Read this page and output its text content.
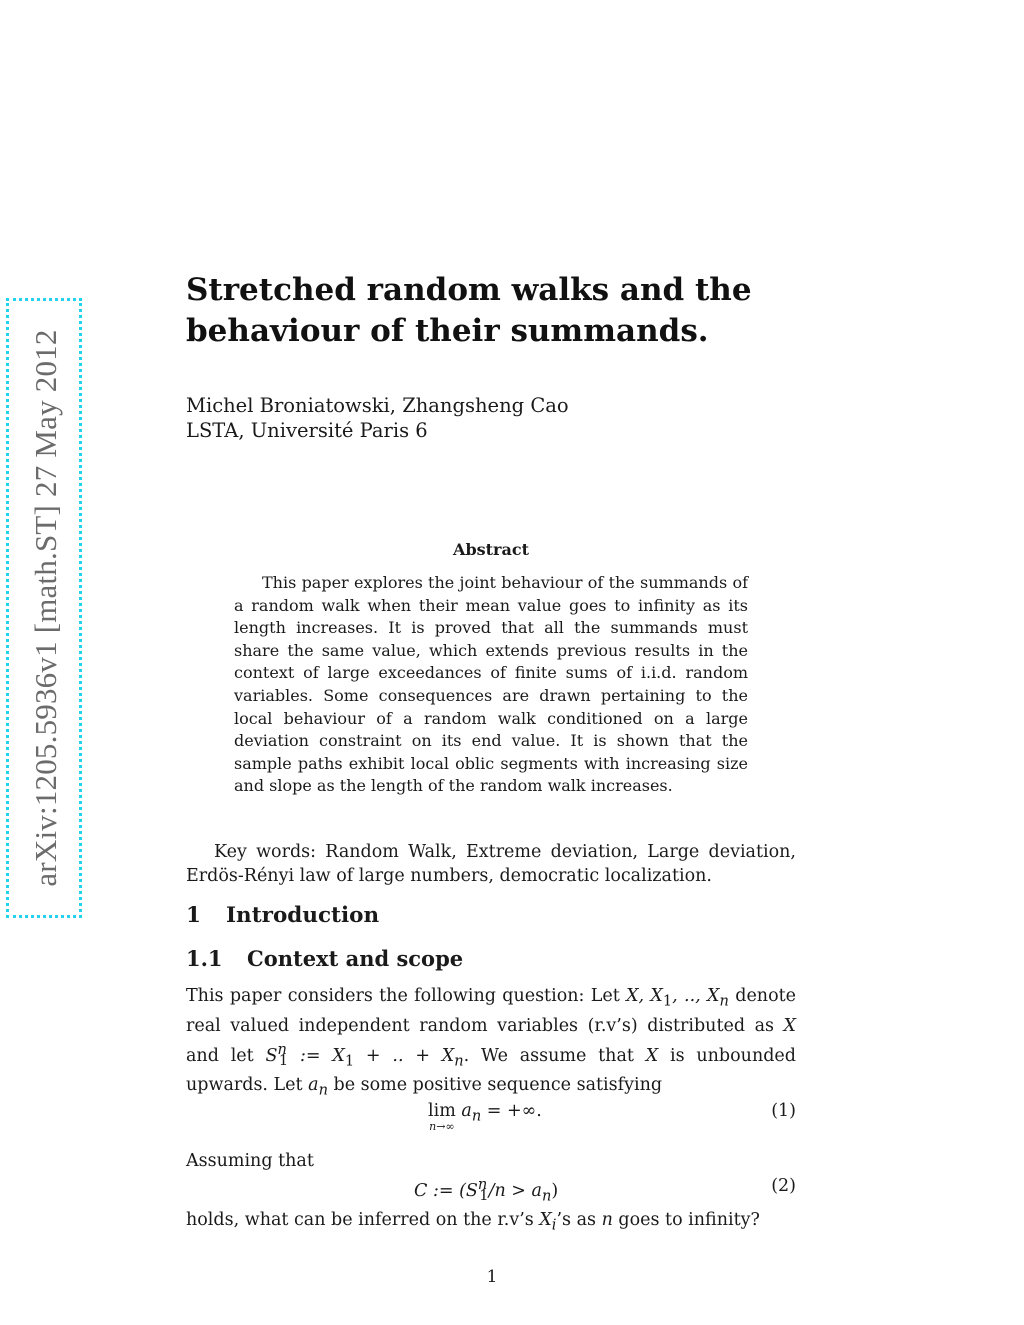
arXiv:1205.5936v1 [math.ST] 27 May 2012
Stretched random walks and the
behaviour of their summands.
Michel Broniatowski, Zhangsheng Cao
LSTA, Université Paris 6
Abstract

This paper explores the joint behaviour of the summands of a random walk when their mean value goes to infinity as its length increases. It is proved that all the summands must share the same value, which extends previous results in the context of large exceedances of finite sums of i.i.d. random variables. Some consequences are drawn pertaining to the local behaviour of a random walk conditioned on a large deviation constraint on its end value. It is shown that the sample paths exhibit local oblic segments with increasing size and slope as the length of the random walk increases.

Key words: Random Walk, Extreme deviation, Large deviation, Erdös-Rényi law of large numbers, democratic localization.

1 Introduction
1.1 Context and scope

This paper considers the following question: Let X, $X_1$, .., $X_n$ denote real valued independent random variables (r.v’s) distributed as X and let $S^n_1$ := $X_1$ + .. + $X_n$. We assume that X is unbounded upwards. Let $a_n$ be some positive sequence satisfying

lim
n→∞
$a_n$ = +∞.	(1)
Assuming that
C := $(S^n_1/n > a_n)$	(2)
holds, what can be inferred on the r.v’s $X_i’s$ as n goes to infinity?
1
